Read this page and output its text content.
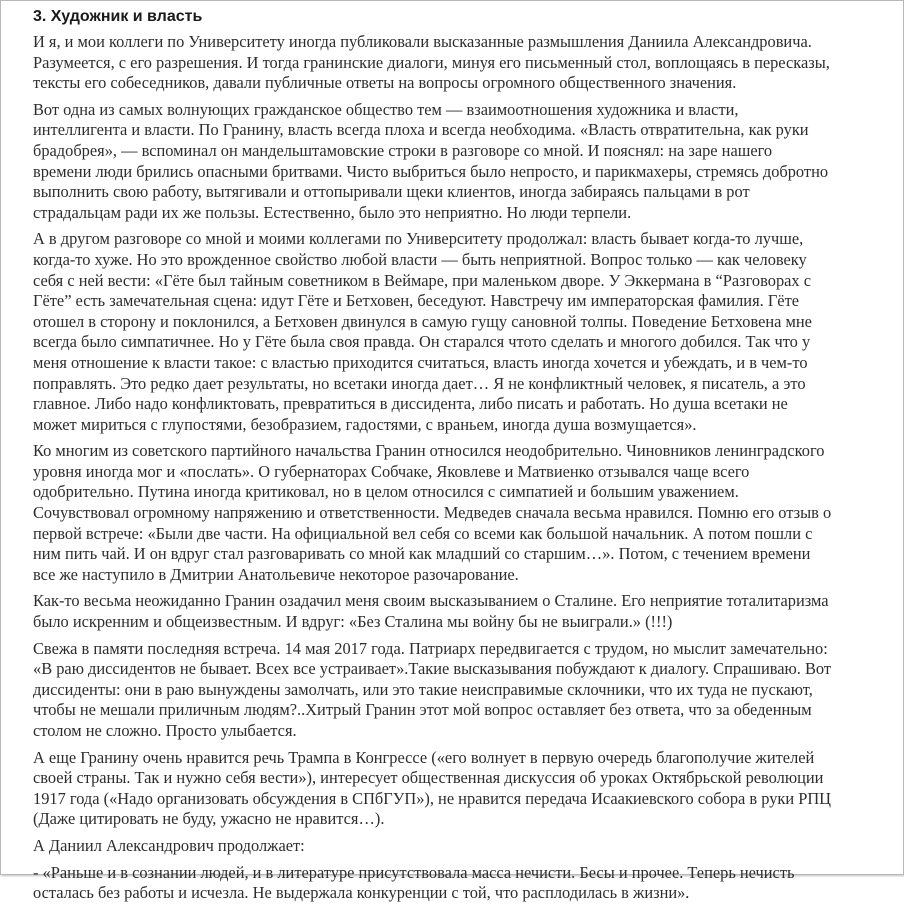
3. Художник и власть
И я, и мои коллеги по Университету иногда публиковали высказанные размышления Даниила Александровича.
Разумеется, с его разрешения. И тогда гранинские диалоги, минуя его письменный стол, воплощаясь в пересказы,
тексты его собеседников, давали публичные ответы на вопросы огромного общественного значения.
Вот одна из самых волнующих гражданское общество тем — взаимоотношения художника и власти,
интеллигента и власти. По Гранину, власть всегда плоха и всегда необходима. «Власть отвратительна, как руки
брадобрея», — вспоминал он мандельштамовские строки в разговоре со мной. И пояснял: на заре нашего
времени люди брились опасными бритвами. Чисто выбриться было непросто, и парикмахеры, стремясь добротно
выполнить свою работу, вытягивали и оттопыривали щеки клиентов, иногда забираясь пальцами в рот
страдальцам ради их же пользы. Естественно, было это неприятно. Но люди терпели.
А в другом разговоре со мной и моими коллегами по Университету продолжал: власть бывает когда-то лучше,
когда-то хуже. Но это врожденное свойство любой власти — быть неприятной. Вопрос только — как человеку
себя с ней вести: «Гёте был тайным советником в Веймаре, при маленьком дворе. У Эккермана в “Разговорах с
Гёте” есть замечательная сцена: идут Гёте и Бетховен, беседуют. Навстречу им императорская фамилия. Гёте
отошел в сторону и поклонился, а Бетховен двинулся в самую гущу сановной толпы. Поведение Бетховена мне
всегда было симпатичнее. Но у Гёте была своя правда. Он старался чтото сделать и многого добился. Так что у
меня отношение к власти такое: с властью приходится считаться, власть иногда хочется и убеждать, и в чем-то
поправлять. Это редко дает результаты, но всетаки иногда дает… Я не конфликтный человек, я писатель, а это
главное. Либо надо конфликтовать, превратиться в диссидента, либо писать и работать. Но душа всетаки не
может мириться с глупостями, безобразием, гадостями, с враньем, иногда душа возмущается».
Ко многим из советского партийного начальства Гранин относился неодобрительно. Чиновников ленинградского
уровня иногда мог и «послать». О губернаторах Собчаке, Яковлеве и Матвиенко отзывался чаще всего
одобрительно. Путина иногда критиковал, но в целом относился с симпатией и большим уважением.
Сочувствовал огромному напряжению и ответственности. Медведев сначала весьма нравился. Помню его отзыв о
первой встрече: «Были две части. На официальной вел себя со всеми как большой начальник. А потом пошли с
ним пить чай. И он вдруг стал разговаривать со мной как младший со старшим…». Потом, с течением времени
все же наступило в Дмитрии Анатольевиче некоторое разочарование.
Как-то весьма неожиданно Гранин озадачил меня своим высказыванием о Сталине. Его неприятие тоталитаризма
было искренним и общеизвестным. И вдруг: «Без Сталина мы войну бы не выиграли.» (!!!)
Свежа в памяти последняя встреча. 14 мая 2017 года. Патриарх передвигается с трудом, но мыслит замечательно:
«В раю диссидентов не бывает. Всех все устраивает».Такие высказывания побуждают к диалогу. Спрашиваю. Вот
диссиденты: они в раю вынуждены замолчать, или это такие неисправимые склочники, что их туда не пускают,
чтобы не мешали приличным людям?..Хитрый Гранин этот мой вопрос оставляет без ответа, что за обеденным
столом не сложно. Просто улыбается.
А еще Гранину очень нравится речь Трампа в Конгрессе («его волнует в первую очередь благополучие жителей
своей страны. Так и нужно себя вести»), интересует общественная дискуссия об уроках Октябрьской революции
1917 года («Надо организовать обсуждения в СПбГУП»), не нравится передача Исаакиевского собора в руки РПЦ
(Даже цитировать не буду, ужасно не нравится…).
А Даниил Александрович продолжает:
- «Раньше и в сознании людей, и в литературе присутствовала масса нечисти. Бесы и прочее. Теперь нечисть
осталась без работы и исчезла. Не выдержала конкуренции с той, что расплодилась в жизни».
